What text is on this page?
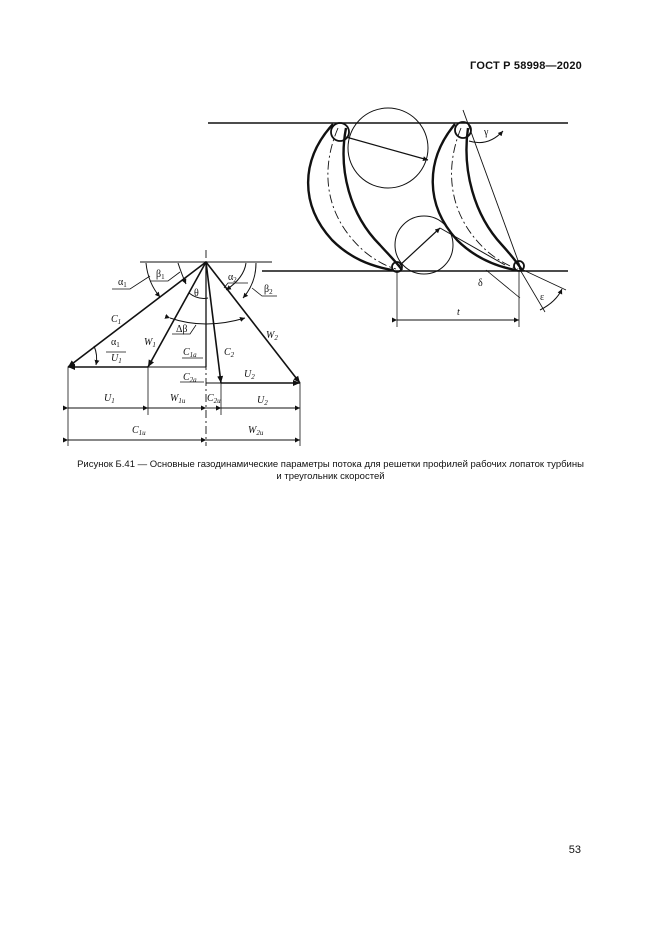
ГОСТ Р 58998—2020
γ
δ
ε
t
$\alpha_1$
$\beta_1$	$\alpha_2$
$\beta_2$
θ
Δβ
$C_1$
$W_1$
$C_{1a}$	$C_2$
$W_2$
$\alpha_1$
$U_1$
$C_{2a}$	$U_2$
$U_1$	$W_{1u}$ $C_{2u}$	$U_2$
$C_{1u}$	$W_{2u}$
Рисунок Б.41 — Основные газодинамические параметры потока для решетки профилей рабочих лопаток турбины
и треугольник скоростей
53
